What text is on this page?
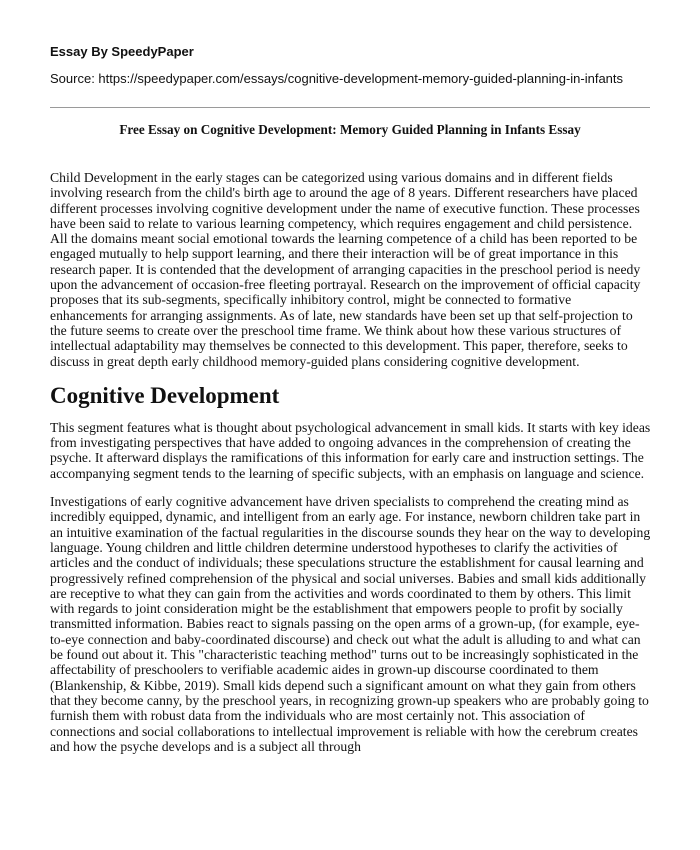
Essay By SpeedyPaper

Source: https://speedypaper.com/essays/cognitive-development-memory-guided-planning-in-infants

Free Essay on Cognitive Development: Memory Guided Planning in Infants Essay

Child Development in the early stages can be categorized using various domains and in different fields involving research from the child's birth age to around the age of 8 years. Different researchers have placed different processes involving cognitive development under the name of executive function. These processes have been said to relate to various learning competency, which requires engagement and child persistence. All the domains meant social emotional towards the learning competence of a child has been reported to be engaged mutually to help support learning, and there their interaction will be of great importance in this research paper. It is contended that the development of arranging capacities in the preschool period is needy upon the advancement of occasion-free fleeting portrayal. Research on the improvement of official capacity proposes that its sub-segments, specifically inhibitory control, might be connected to formative enhancements for arranging assignments. As of late, new standards have been set up that self-projection to the future seems to create over the preschool time frame. We think about how these various structures of intellectual adaptability may themselves be connected to this development. This paper, therefore, seeks to discuss in great depth early childhood memory-guided plans considering cognitive development.

Cognitive Development

This segment features what is thought about psychological advancement in small kids. It starts with key ideas from investigating perspectives that have added to ongoing advances in the comprehension of creating the psyche. It afterward displays the ramifications of this information for early care and instruction settings. The accompanying segment tends to the learning of specific subjects, with an emphasis on language and science.

Investigations of early cognitive advancement have driven specialists to comprehend the creating mind as incredibly equipped, dynamic, and intelligent from an early age. For instance, newborn children take part in an intuitive examination of the factual regularities in the discourse sounds they hear on the way to developing language. Young children and little children determine understood hypotheses to clarify the activities of articles and the conduct of individuals; these speculations structure the establishment for causal learning and progressively refined comprehension of the physical and social universes. Babies and small kids additionally are receptive to what they can gain from the activities and words coordinated to them by others. This limit with regards to joint consideration might be the establishment that empowers people to profit by socially transmitted information. Babies react to signals passing on the open arms of a grown-up, (for example, eye-to-eye connection and baby-coordinated discourse) and check out what the adult is alluding to and what can be found out about it. This "characteristic teaching method" turns out to be increasingly sophisticated in the affectability of preschoolers to verifiable academic aides in grown-up discourse coordinated to them (Blankenship, & Kibbe, 2019). Small kids depend such a significant amount on what they gain from others that they become canny, by the preschool years, in recognizing grown-up speakers who are probably going to furnish them with robust data from the individuals who are most certainly not. This association of connections and social collaborations to intellectual improvement is reliable with how the cerebrum creates and how the psyche develops and is a subject all through
